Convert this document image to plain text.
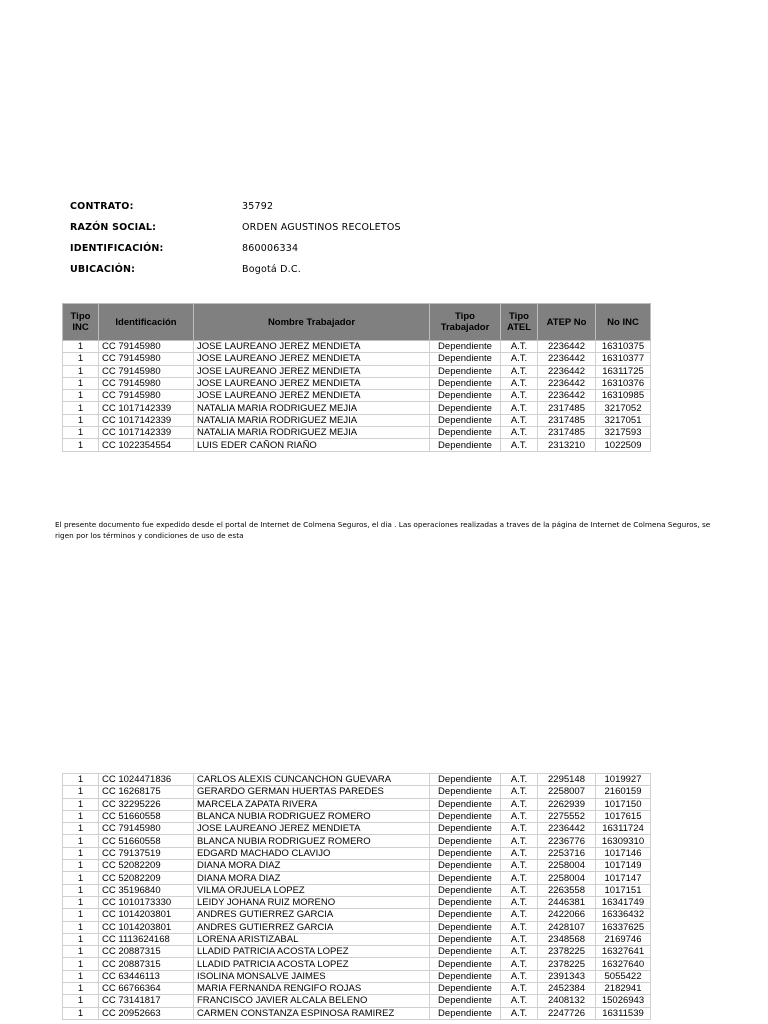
CONTRATO:	35792
RAZÓN SOCIAL:	ORDEN AGUSTINOS RECOLETOS
IDENTIFICACIÓN:	860006334
UBICACIÓN:	Bogotá D.C.
Tipo INC	Identificación	Nombre Trabajador	Tipo Trabajador	Tipo ATEL	ATEP No	No INC
1	CC 79145980	JOSE LAUREANO JEREZ MENDIETA	Dependiente	A.T.	2236442	16310375
1	CC 79145980	JOSE LAUREANO JEREZ MENDIETA	Dependiente	A.T.	2236442	16310377
1	CC 79145980	JOSE LAUREANO JEREZ MENDIETA	Dependiente	A.T.	2236442	16311725
1	CC 79145980	JOSE LAUREANO JEREZ MENDIETA	Dependiente	A.T.	2236442	16310376
1	CC 79145980	JOSE LAUREANO JEREZ MENDIETA	Dependiente	A.T.	2236442	16310985
1	CC 1017142339	NATALIA MARIA RODRIGUEZ MEJIA	Dependiente	A.T.	2317485	3217052
1	CC 1017142339	NATALIA MARIA RODRIGUEZ MEJIA	Dependiente	A.T.	2317485	3217051
1	CC 1017142339	NATALIA MARIA RODRIGUEZ MEJIA	Dependiente	A.T.	2317485	3217593
1	CC 1022354554	LUIS EDER CAÑON RIAÑO	Dependiente	A.T.	2313210	1022509
El presente documento fue expedido desde el portal de Internet de Colmena Seguros, el dia . Las operaciones realizadas a traves de la página de Internet de Colmena Seguros, se rigen por los términos y condiciones de uso de esta
1	CC 1024471836	CARLOS ALEXIS CUNCANCHON GUEVARA	Dependiente	A.T.	2295148	1019927
1	CC 16268175	GERARDO GERMAN HUERTAS PAREDES	Dependiente	A.T.	2258007	2160159
1	CC 32295226	MARCELA ZAPATA RIVERA	Dependiente	A.T.	2262939	1017150
1	CC 51660558	BLANCA NUBIA RODRIGUEZ ROMERO	Dependiente	A.T.	2275552	1017615
1	CC 79145980	JOSE LAUREANO JEREZ MENDIETA	Dependiente	A.T.	2236442	16311724
1	CC 51660558	BLANCA NUBIA RODRIGUEZ ROMERO	Dependiente	A.T.	2236776	16309310
1	CC 79137519	EDGARD MACHADO CLAVIJO	Dependiente	A.T.	2253716	1017146
1	CC 52082209	DIANA MORA DIAZ	Dependiente	A.T.	2258004	1017149
1	CC 52082209	DIANA MORA DIAZ	Dependiente	A.T.	2258004	1017147
1	CC 35196840	VILMA ORJUELA LOPEZ	Dependiente	A.T.	2263558	1017151
1	CC 1010173330	LEIDY JOHANA RUIZ MORENO	Dependiente	A.T.	2446381	16341749
1	CC 1014203801	ANDRES GUTIERREZ GARCIA	Dependiente	A.T.	2422066	16336432
1	CC 1014203801	ANDRES GUTIERREZ GARCIA	Dependiente	A.T.	2428107	16337625
1	CC 1113624168	LORENA ARISTIZABAL	Dependiente	A.T.	2348568	2169746
1	CC 20887315	LLADID PATRICIA ACOSTA LOPEZ	Dependiente	A.T.	2378225	16327641
1	CC 20887315	LLADID PATRICIA ACOSTA LOPEZ	Dependiente	A.T.	2378225	16327640
1	CC 63446113	ISOLINA MONSALVE JAIMES	Dependiente	A.T.	2391343	5055422
1	CC 66766364	MARIA FERNANDA RENGIFO ROJAS	Dependiente	A.T.	2452384	2182941
1	CC 73141817	FRANCISCO JAVIER ALCALA BELENO	Dependiente	A.T.	2408132	15026943
1	CC 20952663	CARMEN CONSTANZA ESPINOSA RAMIREZ	Dependiente	A.T.	2247726	16311539
